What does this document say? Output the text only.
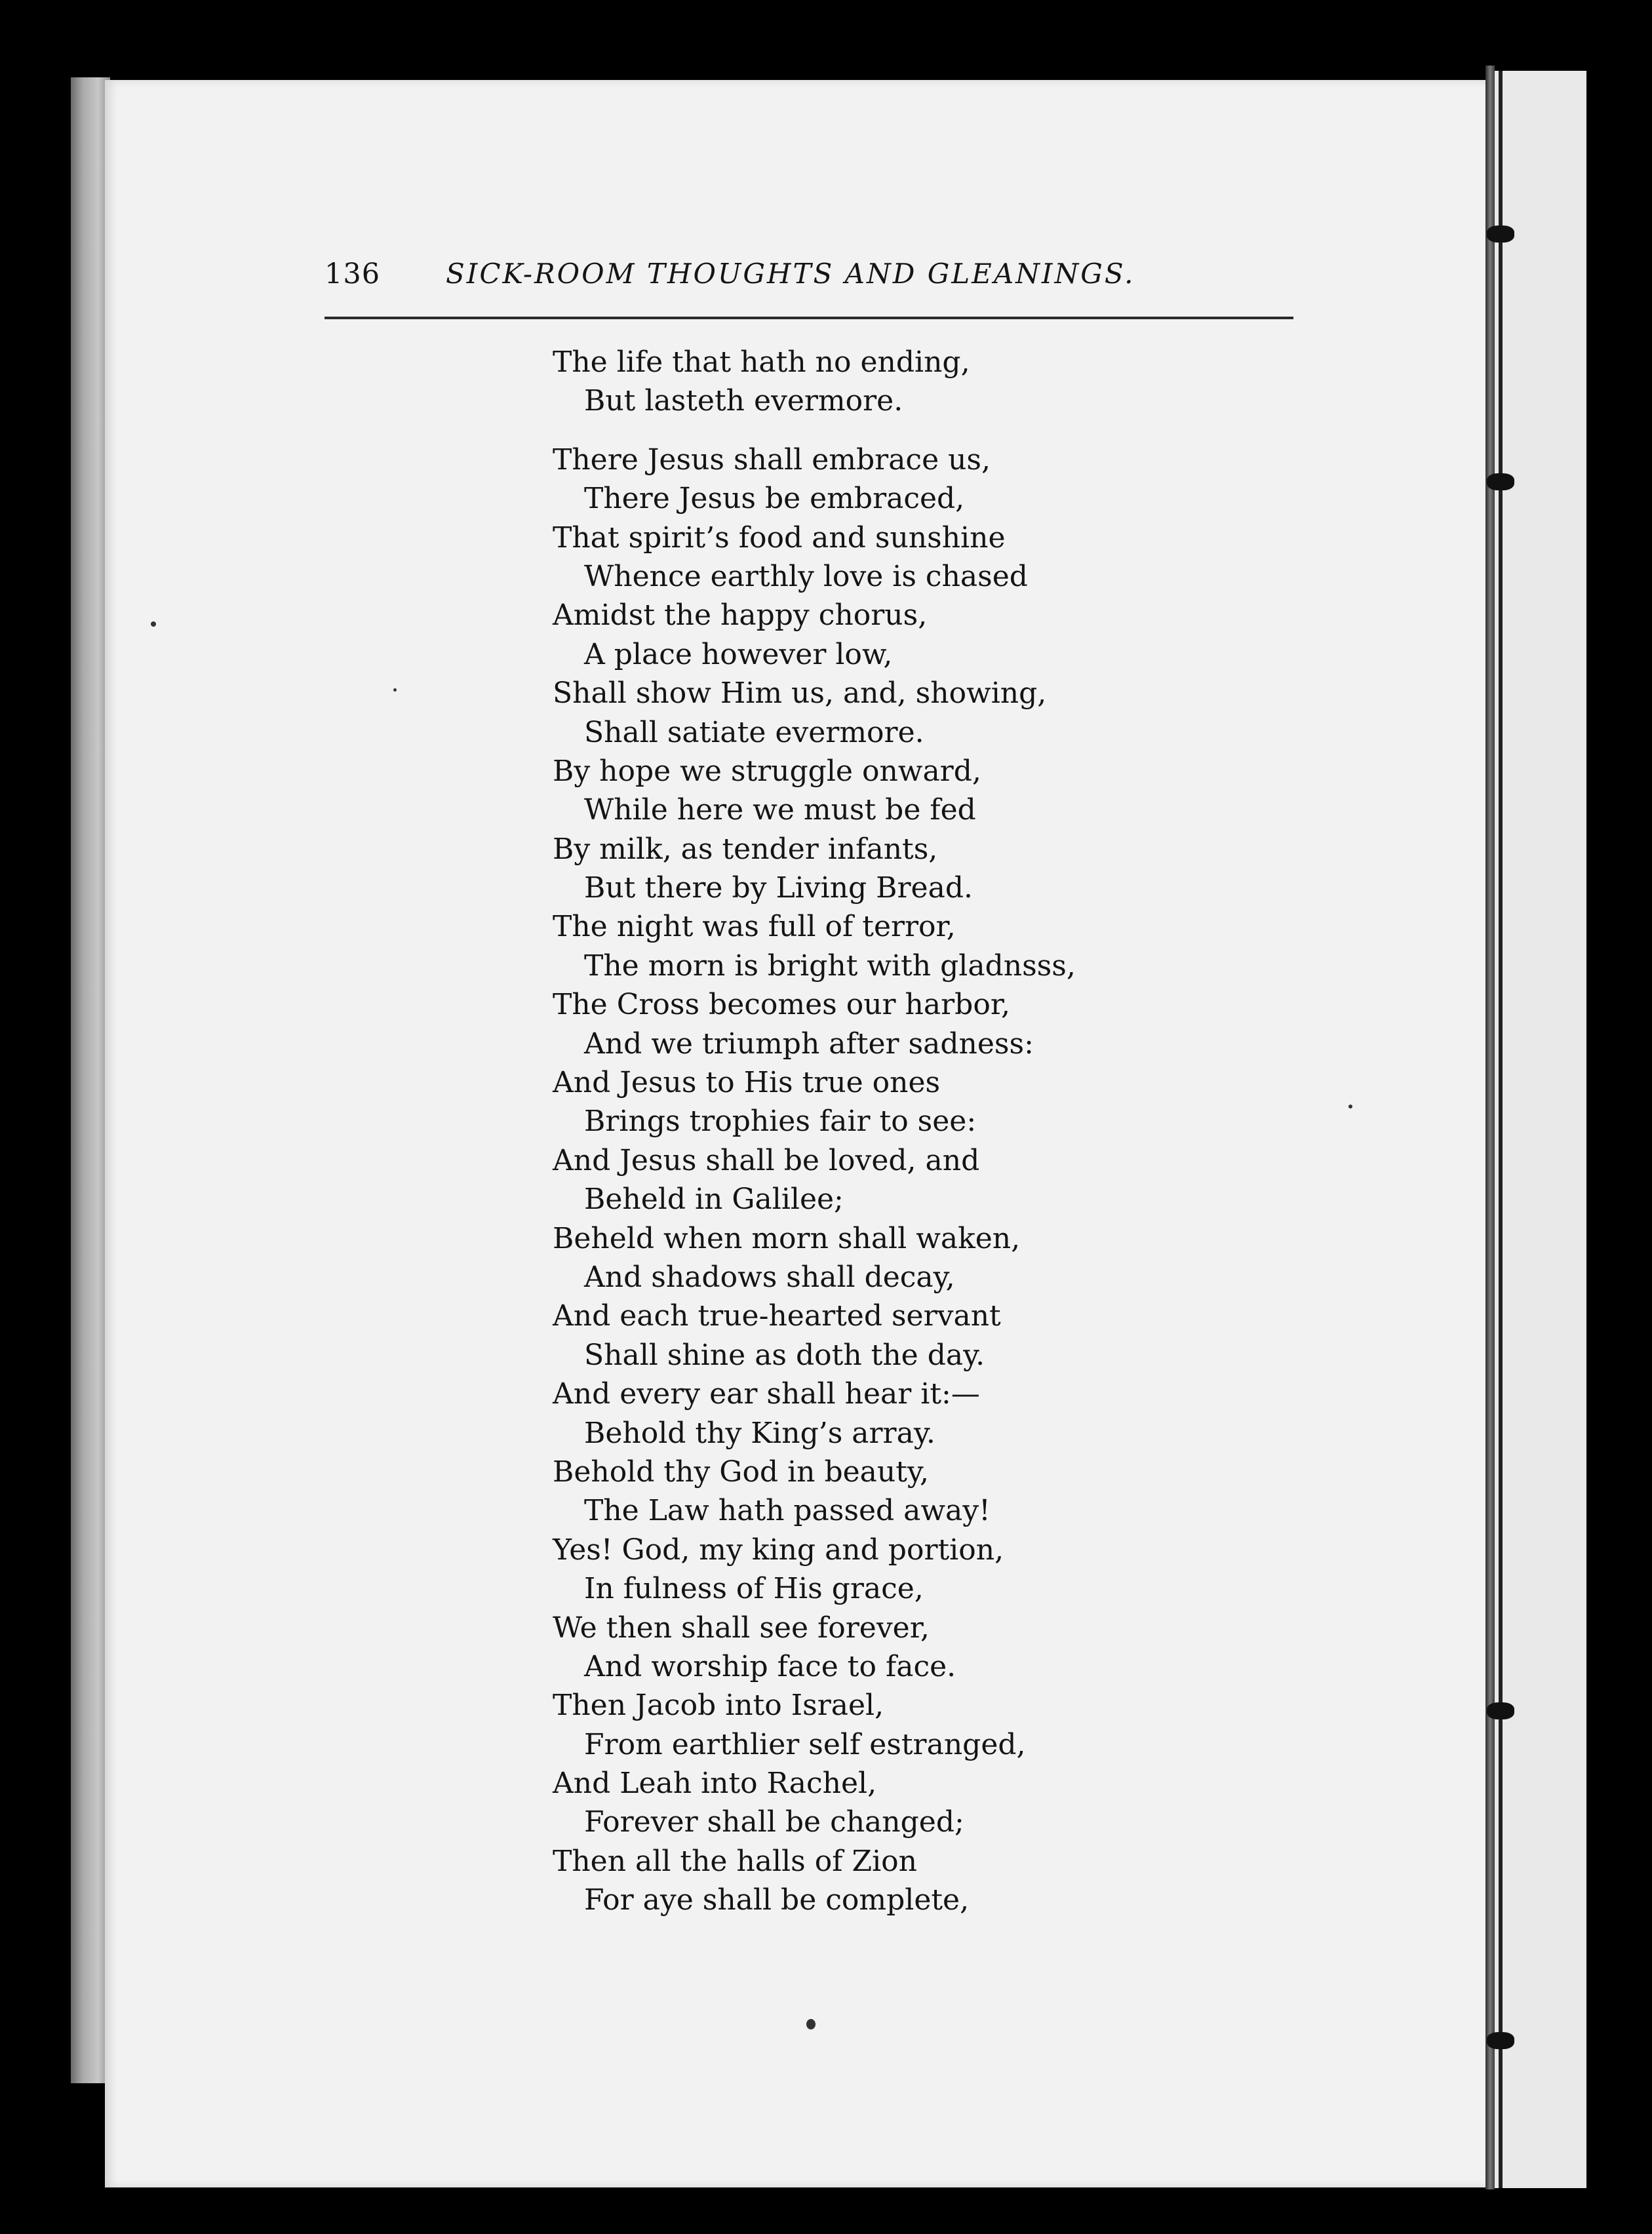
136 SICK-ROOM THOUGHTS AND GLEANINGS.
The life that hath no ending,
But lasteth evermore.
There Jesus shall embrace us,
There Jesus be embraced,
That spirit’s food and sunshine
Whence earthly love is chased
Amidst the happy chorus,
A place however low,
Shall show Him us, and, showing,
Shall satiate evermore.
By hope we struggle onward,
While here we must be fed
By milk, as tender infants,
But there by Living Bread.
The night was full of terror,
The morn is bright with gladnsss,
The Cross becomes our harbor,
And we triumph after sadness:
And Jesus to His true ones
Brings trophies fair to see:
And Jesus shall be loved, and
Beheld in Galilee;
Beheld when morn shall waken,
And shadows shall decay,
And each true-hearted servant
Shall shine as doth the day.
And every ear shall hear it:—
Behold thy King’s array.
Behold thy God in beauty,
The Law hath passed away!
Yes! God, my king and portion,
In fulness of His grace,
We then shall see forever,
And worship face to face.
Then Jacob into Israel,
From earthlier self estranged,
And Leah into Rachel,
Forever shall be changed;
Then all the halls of Zion
For aye shall be complete,
